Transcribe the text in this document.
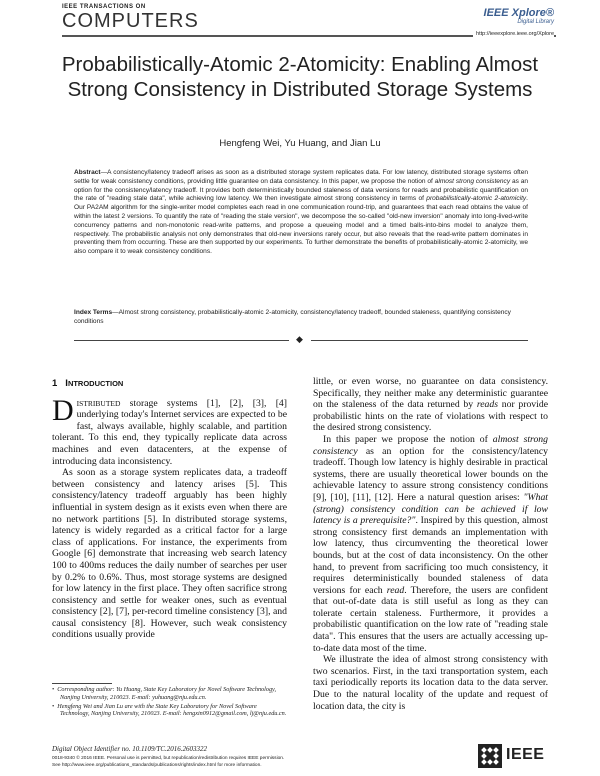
IEEE TRANSACTIONS ON
COMPUTERS	IEEE Xplore®
Digital Library
http://ieeexplore.ieee.org/Xplore
Probabilistically-Atomic 2-Atomicity: Enabling Almost Strong Consistency in Distributed Storage Systems
Hengfeng Wei, Yu Huang, and Jian Lu
Abstract—A consistency/latency tradeoff arises as soon as a distributed storage system replicates data. For low latency, distributed storage systems often settle for weak consistency conditions, providing little guarantee on data consistency. In this paper, we propose the notion of almost strong consistency as an option for the consistency/latency tradeoff. It provides both deterministically bounded staleness of data versions for reads and probabilistic quantification on the rate of "reading stale data", while achieving low latency. We then investigate almost strong consistency in terms of probabilistically-atomic 2-atomicity. Our PA2AM algorithm for the single-writer model completes each read in one communication round-trip, and guarantees that each read obtains the value of within the latest 2 versions. To quantify the rate of "reading the stale version", we decompose the so-called "old-new inversion" anomaly into long-lived-write concurrency patterns and non-monotonic read-write patterns, and propose a queueing model and a timed balls-into-bins model to analyze them, respectively. The probabilistic analysis not only demonstrates that old-new inversions rarely occur, but also reveals that the read-write pattern dominates in preventing them from occurring. These are then supported by our experiments. To further demonstrate the benefits of probabilistically-atomic 2-atomicity, we also compare it to weak consistency conditions.
Index Terms—Almost strong consistency, probabilistically-atomic 2-atomicity, consistency/latency tradeoff, bounded staleness, quantifying consistency conditions
◆
1 INTRODUCTION

DISTRIBUTED storage systems [1], [2], [3], [4] underlying today's Internet services are expected to be fast, always available, highly scalable, and partition tolerant. To this end, they typically replicate data across machines and even datacenters, at the expense of introducing data inconsistency.

As soon as a storage system replicates data, a tradeoff between consistency and latency arises [5]. This consistency/latency tradeoff arguably has been highly influential in system design as it exists even when there are no network partitions [5]. In distributed storage systems, latency is widely regarded as a critical factor for a large class of applications. For instance, the experiments from Google [6] demonstrate that increasing web search latency 100 to 400ms reduces the daily number of searches per user by 0.2% to 0.6%. Thus, most storage systems are designed for low latency in the first place. They often sacrifice strong consistency and settle for weaker ones, such as eventual consistency [2], [7], per-record timeline consistency [3], and causal consistency [8]. However, such weak consistency conditions usually provide

little, or even worse, no guarantee on data consistency. Specifically, they neither make any deterministic guarantee on the staleness of the data returned by reads nor provide probabilistic hints on the rate of violations with respect to the desired strong consistency.

In this paper we propose the notion of almost strong consistency as an option for the consistency/latency tradeoff. Though low latency is highly desirable in practical systems, there are usually theoretical lower bounds on the achievable latency to assure strong consistency conditions [9], [10], [11], [12]. Here a natural question arises: "What (strong) consistency condition can be achieved if low latency is a prerequisite?". Inspired by this question, almost strong consistency first demands an implementation with low latency, thus circumventing the theoretical lower bounds, but at the cost of data inconsistency. On the other hand, to prevent from sacrificing too much consistency, it requires deterministically bounded staleness of data versions for each read. Therefore, the users are confident that out-of-date data is still useful as long as they can tolerate certain staleness. Furthermore, it provides a probabilistic quantification on the low rate of "reading stale data". This ensures that the users are actually accessing up-to-date data most of the time.

We illustrate the idea of almost strong consistency with two scenarios. First, in the taxi transportation system, each taxi periodically reports its location data to the data server. Due to the natural locality of the update and request of location data, the city is

• Corresponding author: Yu Huang, State Key Laboratory for Novel Software Technology, Nanjing University, 210023. E-mail: yuhuang@nju.edu.cn.

• Hengfeng Wei and Jian Lu are with the State Key Laboratory for Novel Software Technology, Nanjing University, 210023. E-mail: hengxin0912@gmail.com, lj@nju.edu.cn.

Digital Object Identifier no. 10.1109/TC.2016.2603322
0018-9340 © 2016 IEEE. Personal use is permitted, but republication/redistribution requires IEEE permission.
See http://www.ieee.org/publications_standards/publications/rights/index.html for more information.
IEEE
